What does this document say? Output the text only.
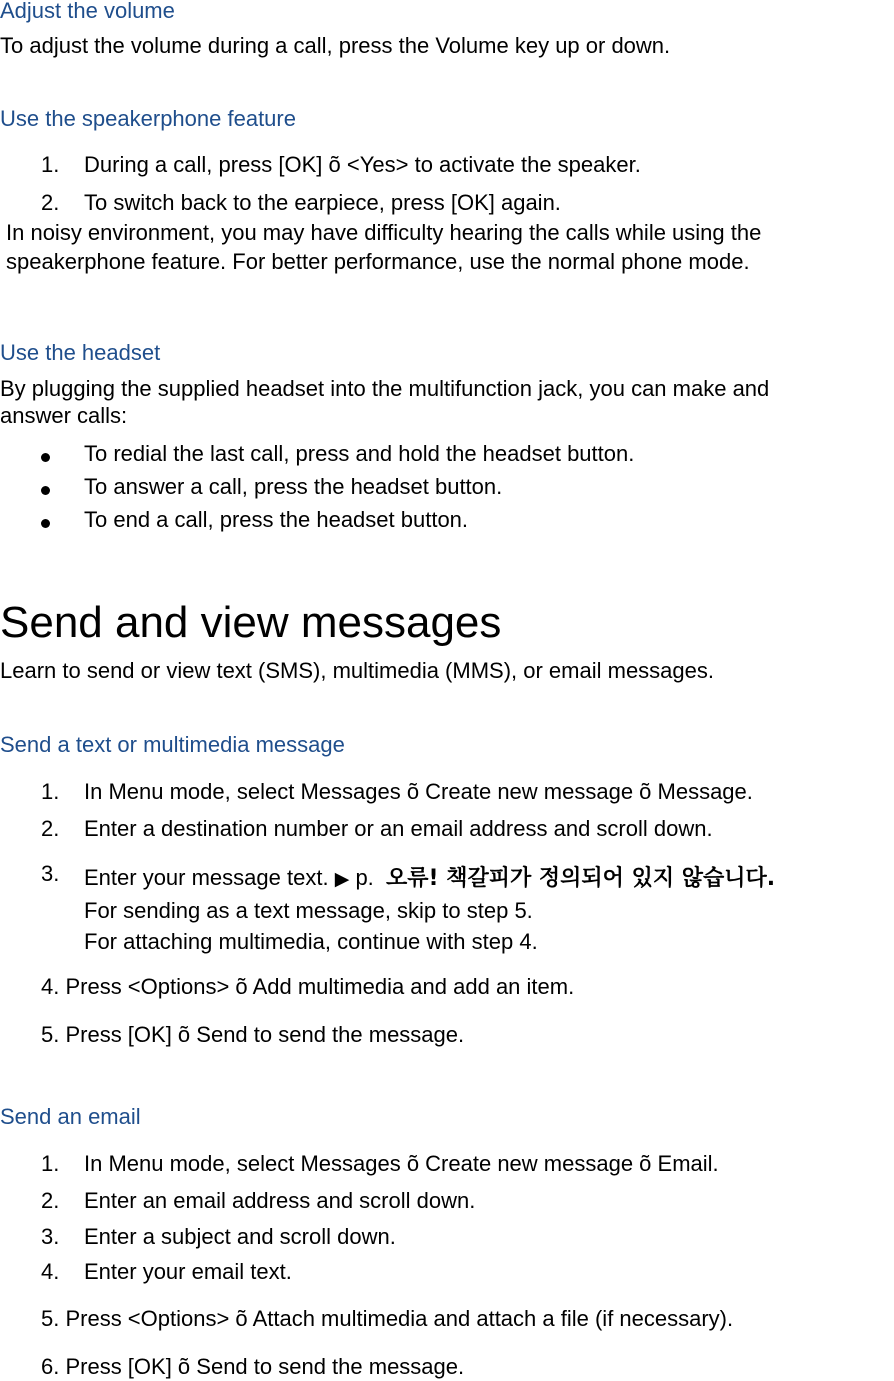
Adjust the volume
To adjust the volume during a call, press the Volume key up or down.
Use the speakerphone feature
1. During a call, press [OK] õ <Yes> to activate the speaker.
2. To switch back to the earpiece, press [OK] again.
In noisy environment, you may have difficulty hearing the calls while using the
speakerphone feature. For better performance, use the normal phone mode.
Use the headset
By plugging the supplied headset into the multifunction jack, you can make and
answer calls:
To redial the last call, press and hold the headset button.
To answer a call, press the headset button.
To end a call, press the headset button.
Send and view messages
Learn to send or view text (SMS), multimedia (MMS), or email messages.
Send a text or multimedia message
1. In Menu mode, select Messages õ Create new message õ Message.
2. Enter a destination number or an email address and scroll down.
3. Enter your message text. ▶ p. 오류! 책갈피가 정의되어 있지 않습니다.
For sending as a text message, skip to step 5.
For attaching multimedia, continue with step 4.
4. Press <Options> õ Add multimedia and add an item.
5. Press [OK] õ Send to send the message.
Send an email
1. In Menu mode, select Messages õ Create new message õ Email.
2. Enter an email address and scroll down.
3. Enter a subject and scroll down.
4. Enter your email text.
5. Press <Options> õ Attach multimedia and attach a file (if necessary).
6. Press [OK] õ Send to send the message.
